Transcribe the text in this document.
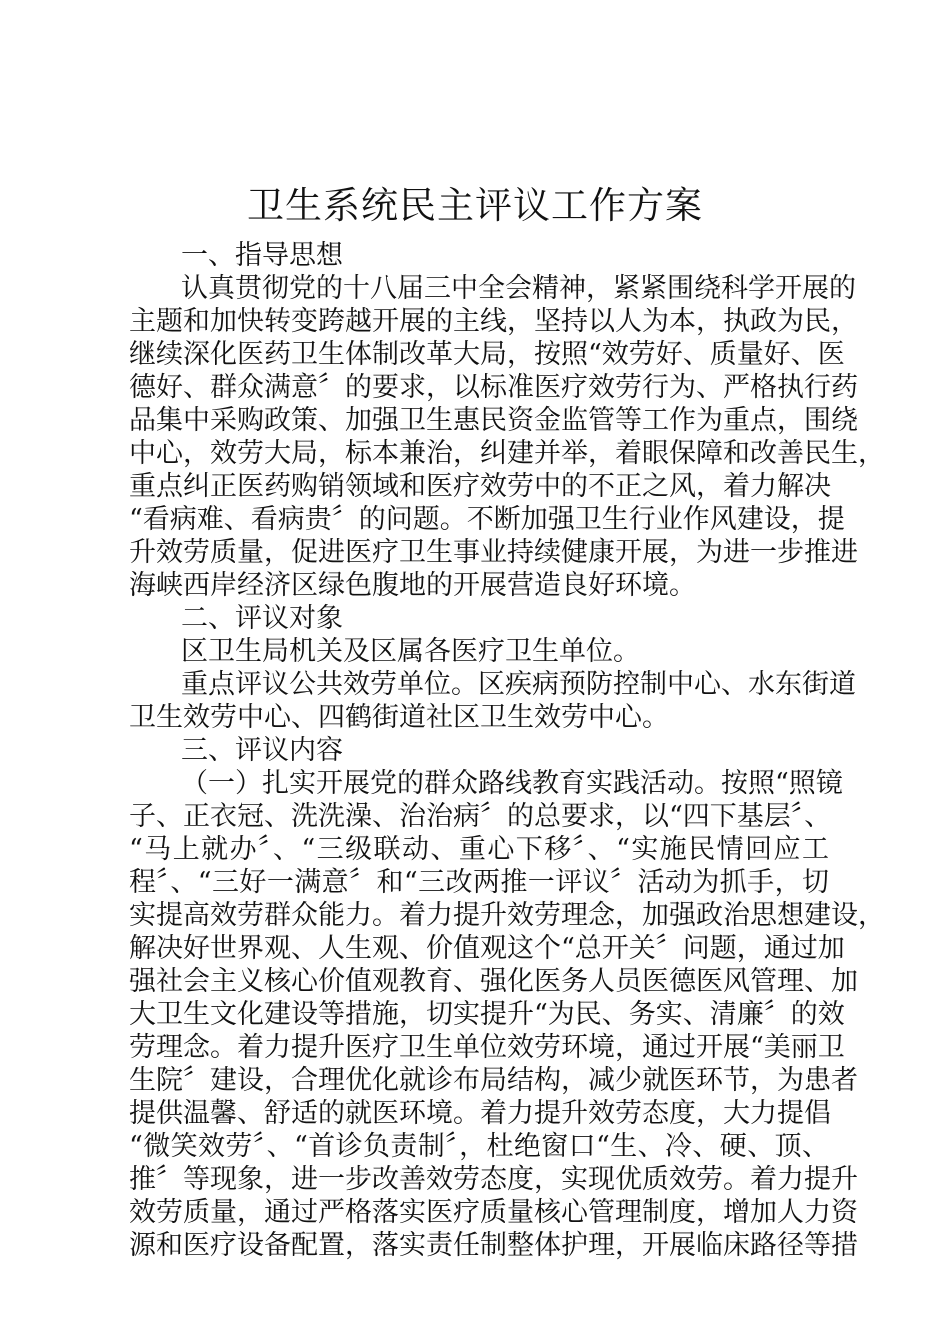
卫生系统民主评议工作方案

一、指导思想

认真贯彻党的十八届三中全会精神，紧紧围绕科学开展的

主题和加快转变跨越开展的主线，坚持以人为本，执政为民，

继续深化医药卫生体制改革大局，按照“效劳好、质量好、医

德好、群众满意〞的要求，以标准医疗效劳行为、严格执行药

品集中采购政策、加强卫生惠民资金监管等工作为重点，围绕

中心，效劳大局，标本兼治，纠建并举，着眼保障和改善民生，

重点纠正医药购销领域和医疗效劳中的不正之风，着力解决

“看病难、看病贵〞的问题。不断加强卫生行业作风建设，提

升效劳质量，促进医疗卫生事业持续健康开展，为进一步推进

海峡西岸经济区绿色腹地的开展营造良好环境。

二、评议对象

区卫生局机关及区属各医疗卫生单位。

重点评议公共效劳单位。区疾病预防控制中心、水东街道

卫生效劳中心、四鹤街道社区卫生效劳中心。

三、评议内容

（一）扎实开展党的群众路线教育实践活动。按照“照镜

子、正衣冠、洗洗澡、治治病〞的总要求，以“四下基层〞、

“马上就办〞、“三级联动、重心下移〞、“实施民情回应工

程〞、“三好一满意〞和“三改两推一评议〞活动为抓手，切

实提高效劳群众能力。着力提升效劳理念，加强政治思想建设，

解决好世界观、人生观、价值观这个“总开关〞问题，通过加

强社会主义核心价值观教育、强化医务人员医德医风管理、加

大卫生文化建设等措施，切实提升“为民、务实、清廉〞的效

劳理念。着力提升医疗卫生单位效劳环境，通过开展“美丽卫

生院〞建设，合理优化就诊布局结构，减少就医环节，为患者

提供温馨、舒适的就医环境。着力提升效劳态度，大力提倡

“微笑效劳〞、“首诊负责制〞，杜绝窗口“生、冷、硬、顶、

推〞等现象，进一步改善效劳态度，实现优质效劳。着力提升

效劳质量，通过严格落实医疗质量核心管理制度，增加人力资

源和医疗设备配置，落实责任制整体护理，开展临床路径等措
